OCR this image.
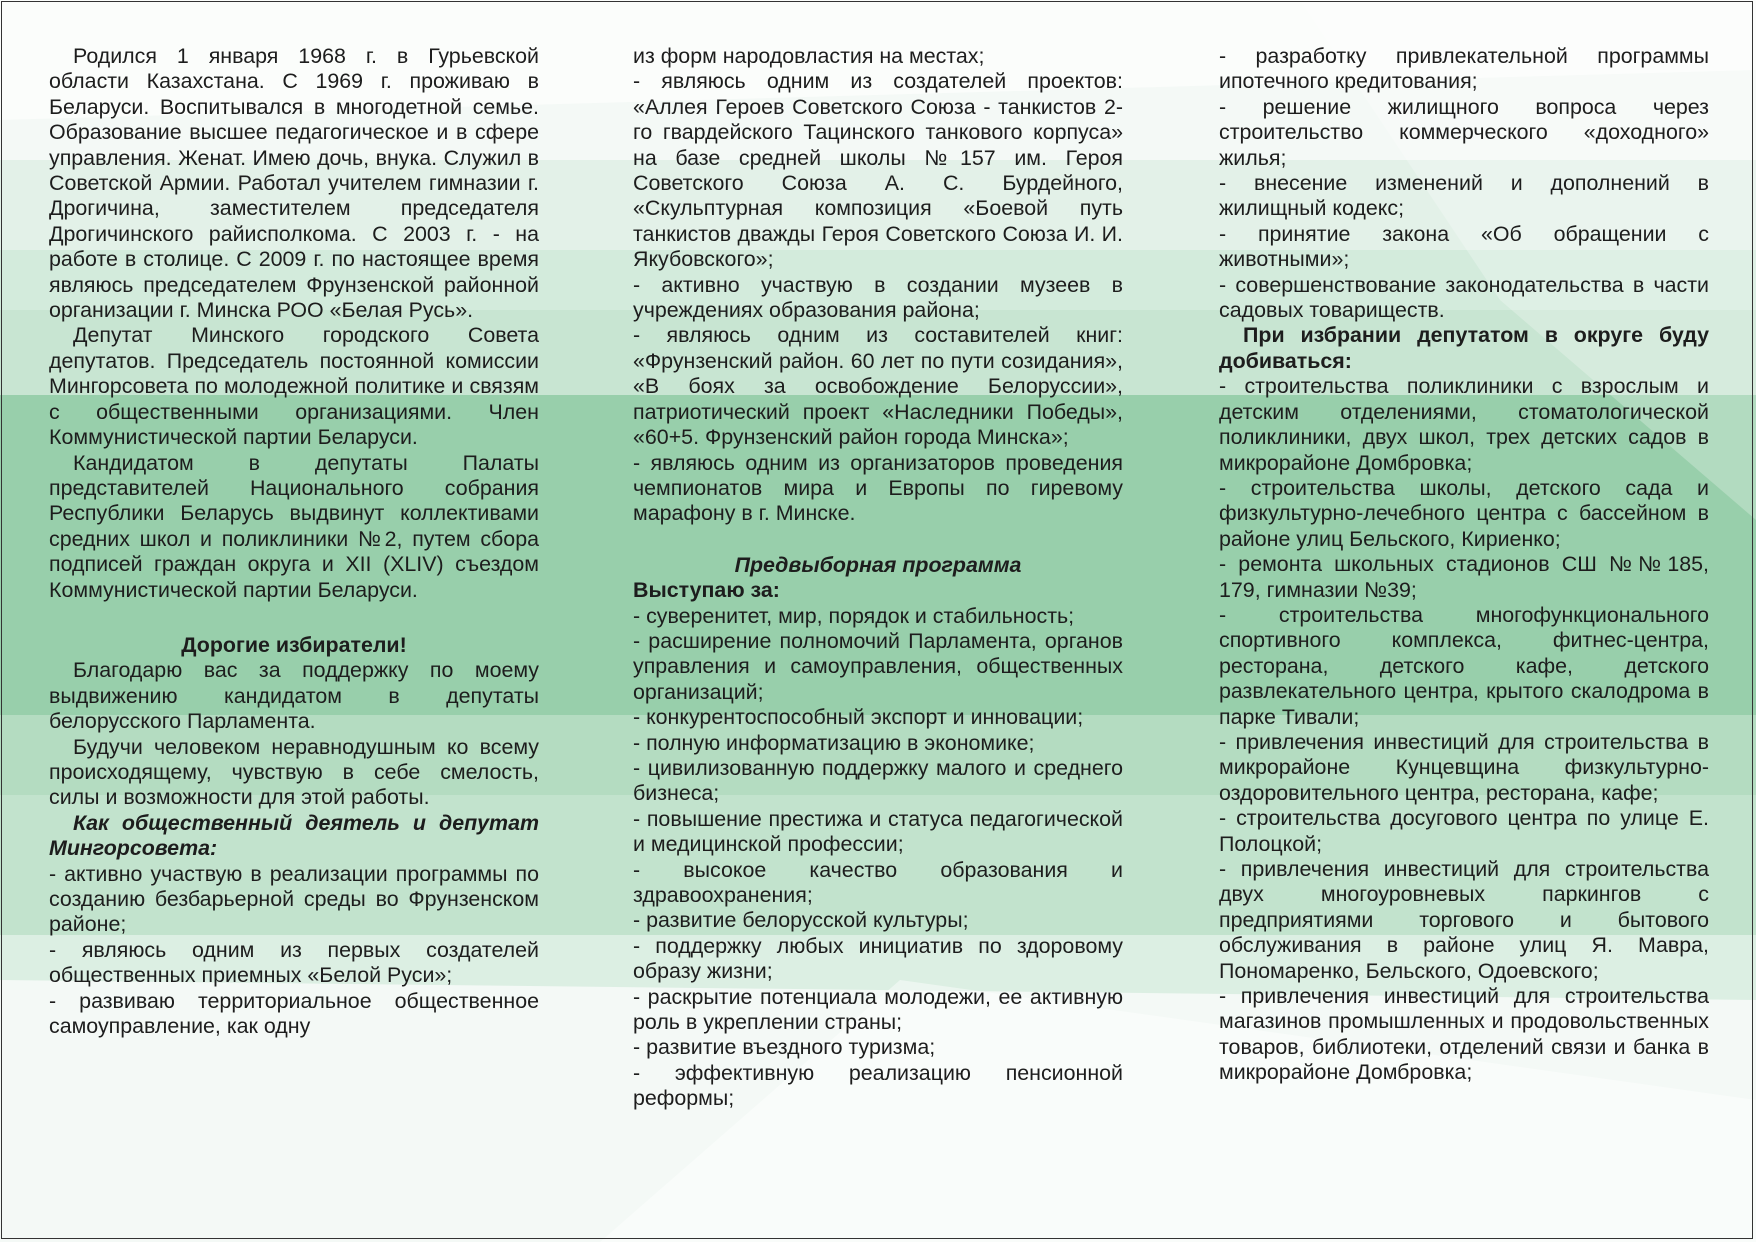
Родился 1 января 1968 г. в Гурьевской области Казахстана. С 1969 г. проживаю в Беларуси. Воспитывался в многодетной семье. Образование высшее педагогическое и в сфере управления. Женат. Имею дочь, внука. Служил в Советской Армии. Работал учителем гимназии г. Дрогичина, заместителем председателя Дрогичинского райисполкома. С 2003 г. - на работе в столице. С 2009 г. по настоящее время являюсь председателем Фрунзенской районной организации г. Минска РОО «Белая Русь».

Депутат Минского городского Совета депутатов. Председатель постоянной комиссии Мингорсовета по молодежной политике и связям с общественными организациями. Член Коммунистической партии Беларуси.

Кандидатом в депутаты Палаты представителей Национального собрания Республики Беларусь выдвинут коллективами средних школ и поликлиники №2, путем сбора подписей граждан округа и XII (XLIV) съездом Коммунистической партии Беларуси.

Дорогие избиратели!

Благодарю вас за поддержку по моему выдвижению кандидатом в депутаты белорусского Парламента.

Будучи человеком неравнодушным ко всему происходящему, чувствую в себе смелость, силы и возможности для этой работы.

Как общественный деятель и депутат Мингорсовета:

- активно участвую в реализации программы по созданию безбарьерной среды во Фрунзенском районе;

- являюсь одним из первых создателей общественных приемных «Белой Руси»;

- развиваю территориальное общественное самоуправление, как одну

из форм народовластия на местах;

- являюсь одним из создателей проектов: «Аллея Героев Советского Союза - танкистов 2-го гвардейского Тацинского танкового корпуса» на базе средней школы №157 им. Героя Советского Союза А. С. Бурдейного, «Скульптурная композиция «Боевой путь танкистов дважды Героя Советского Союза И. И. Якубовского»;

- активно участвую в создании музеев в учреждениях образования района;

- являюсь одним из составителей книг: «Фрунзенский район. 60 лет по пути созидания», «В боях за освобождение Белоруссии», патриотический проект «Наследники Победы», «60+5. Фрунзенский район города Минска»;

- являюсь одним из организаторов проведения чемпионатов мира и Европы по гиревому марафону в г. Минске.

Предвыборная программа

Выступаю за:

- суверенитет, мир, порядок и стабильность;

- расширение полномочий Парламента, органов управления и самоуправления, общественных организаций;

- конкурентоспособный экспорт и инновации;

- полную информатизацию в экономике;

- цивилизованную поддержку малого и среднего бизнеса;

- повышение престижа и статуса педагогической и медицинской профессии;

- высокое качество образования и здравоохранения;

- развитие белорусской культуры;

- поддержку любых инициатив по здоровому образу жизни;

- раскрытие потенциала молодежи, ее активную роль в укреплении страны;

- развитие въездного туризма;

- эффективную реализацию пенсионной реформы;

- разработку привлекательной программы ипотечного кредитования;

- решение жилищного вопроса через строительство коммерческого «доходного» жилья;

- внесение изменений и дополнений в жилищный кодекс;

- принятие закона «Об обращении с животными»;

- совершенствование законодательства в части садовых товариществ.

При избрании депутатом в округе буду добиваться:

- строительства поликлиники с взрослым и детским отделениями, стоматологической поликлиники, двух школ, трех детских садов в микрорайоне Домбровка;

- строительства школы, детского сада и физкультурно-лечебного центра с бассейном в районе улиц Бельского, Кириенко;

- ремонта школьных стадионов СШ №№185, 179, гимназии №39;

- строительства многофункционального спортивного комплекса, фитнес-центра, ресторана, детского кафе, детского развлекательного центра, крытого скалодрома в парке Тивали;

- привлечения инвестиций для строительства в микрорайоне Кунцевщина физкультурно-оздоровительного центра, ресторана, кафе;

- строительства досугового центра по улице Е. Полоцкой;

- привлечения инвестиций для строительства двух многоуровневых паркингов с предприятиями торгового и бытового обслуживания в районе улиц Я. Мавра, Пономаренко, Бельского, Одоевского;

- привлечения инвестиций для строительства магазинов промышленных и продовольственных товаров, библиотеки, отделений связи и банка в микрорайоне Домбровка;
